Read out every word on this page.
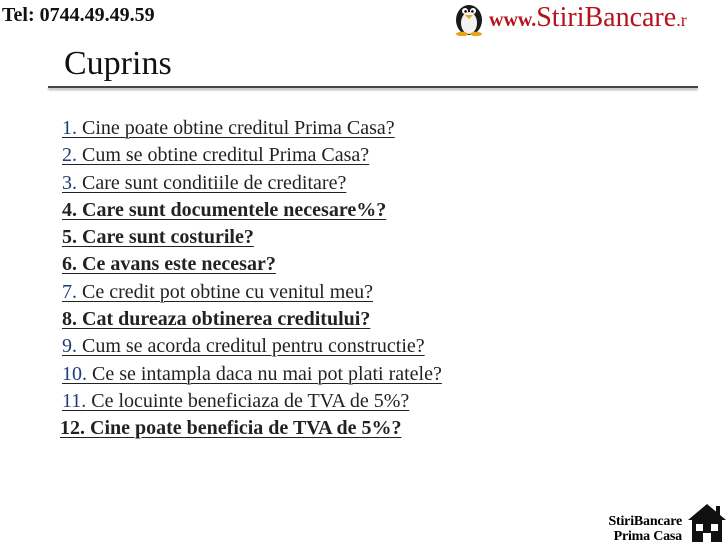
Tel: 0744.49.49.59	www.StiriBancare.r
Cuprins
1. Cine poate obtine creditul Prima Casa?
2. Cum se obtine creditul Prima Casa?
3. Care sunt conditiile de creditare?
4. Care sunt documentele necesare%?
5. Care sunt costurile?
6. Ce avans este necesar?
7. Ce credit pot obtine cu venitul meu?
8. Cat dureaza obtinerea creditului?
9. Cum se acorda creditul pentru constructie?
10. Ce se intampla daca nu mai pot plati ratele?
11. Ce locuinte beneficiaza de TVA de 5%?
12. Cine poate beneficia de TVA de 5%?
StiriBancare
Prima Casa
